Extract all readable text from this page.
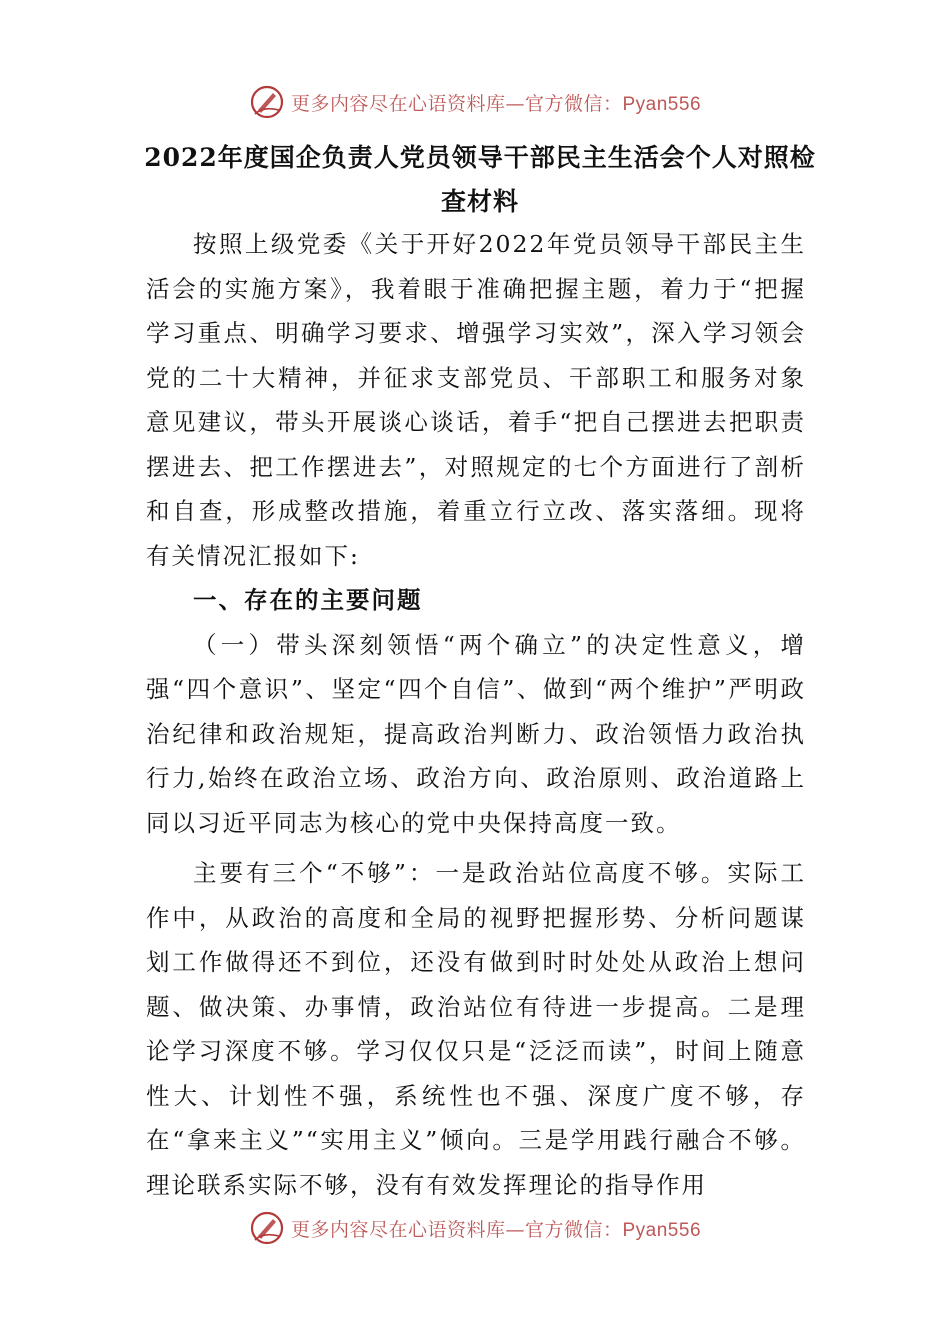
更多内容尽在心语资料库—官方微信：Pyan556
2022年度国企负责人党员领导干部民主生活会个人对照检查材料

按照上级党委《关于开好2022年党员领导干部民主生活会的实施方案》，我着眼于准确把握主题，着力于“把握学习重点、明确学习要求、增强学习实效”，深入学习领会党的二十大精神，并征求支部党员、干部职工和服务对象意见建议，带头开展谈心谈话，着手“把自己摆进去把职责摆进去、把工作摆进去”，对照规定的七个方面进行了剖析和自查，形成整改措施，着重立行立改、落实落细。现将有关情况汇报如下:

一、存在的主要问题

（一）带头深刻领悟“两个确立”的决定性意义，增强“四个意识”、坚定“四个自信”、做到“两个维护”严明政治纪律和政治规矩，提高政治判断力、政治领悟力政治执行力,始终在政治立场、政治方向、政治原则、政治道路上同以习近平同志为核心的党中央保持高度一致。

主要有三个“不够”：一是政治站位高度不够。实际工作中，从政治的高度和全局的视野把握形势、分析问题谋划工作做得还不到位，还没有做到时时处处从政治上想问题、做决策、办事情，政治站位有待进一步提高。二是理论学习深度不够。学习仅仅只是“泛泛而读”，时间上随意性大、计划性不强，系统性也不强、深度广度不够，存在“拿来主义”“实用主义”倾向。三是学用践行融合不够。理论联系实际不够，没有有效发挥理论的指导作用

更多内容尽在心语资料库—官方微信：Pyan556
